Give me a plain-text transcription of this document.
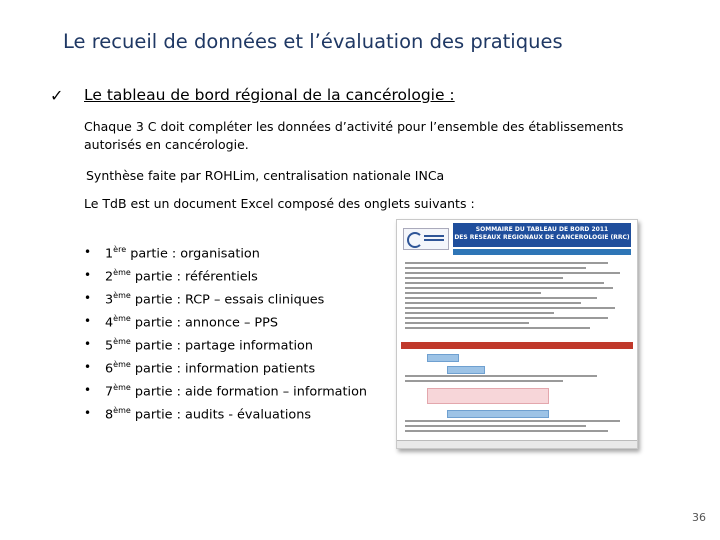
Le recueil de données et l’évaluation des pratiques
✓ Le tableau de bord régional de la cancérologie :
Chaque 3 C doit compléter les données d’activité pour l’ensemble des établissements autorisés en cancérologie.
Synthèse faite par ROHLim, centralisation nationale INCa
Le TdB est un document Excel composé des onglets suivants :
• 1ère partie : organisation
• 2ème partie : référentiels
• 3ème partie : RCP – essais cliniques
• 4ème partie : annonce – PPS
• 5ème partie : partage information
• 6ème partie : information patients
• 7ème partie : aide formation – information
• 8ème partie : audits - évaluations
SOMMAIRE DU TABLEAU DE BORD 2011
DES RESEAUX REGIONAUX DE CANCEROLOGIE (RRC)
36
